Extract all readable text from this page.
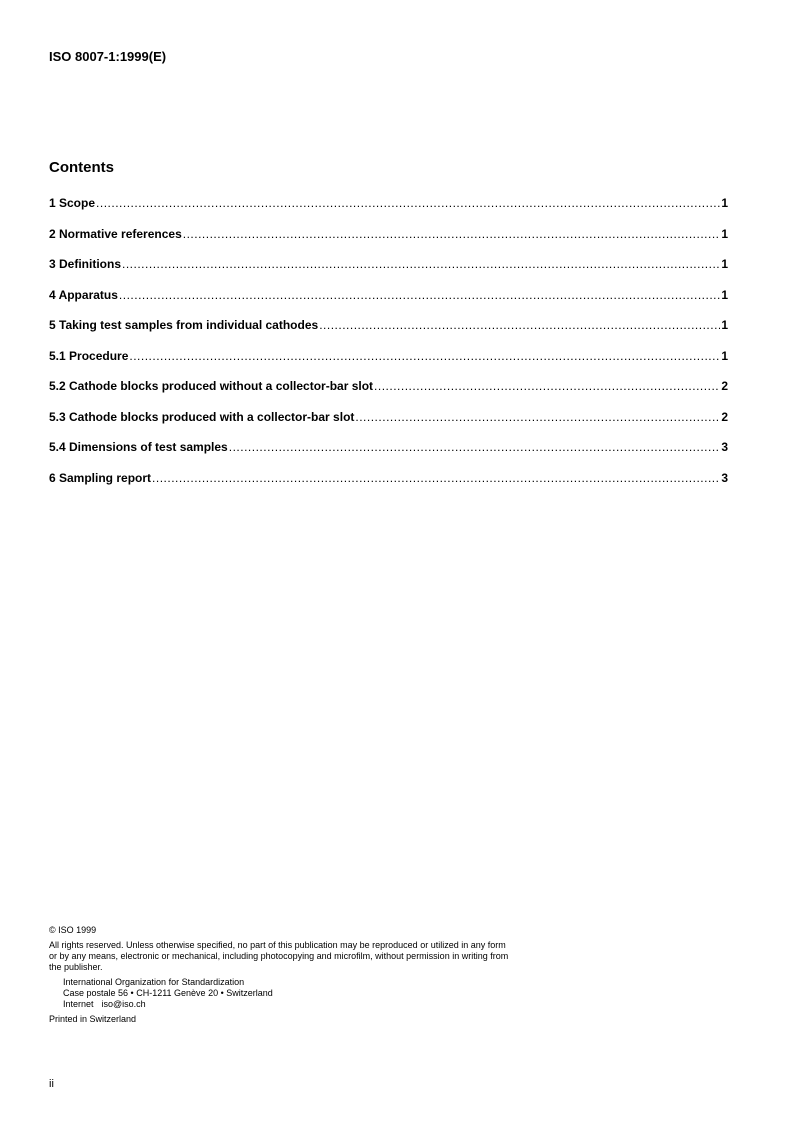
ISO 8007-1:1999(E)

Contents
1 Scope .....	1
2 Normative references .....	1
3 Definitions .....	1
4 Apparatus .....	1
5 Taking test samples from individual cathodes .....	1
5.1 Procedure .....	1
5.2 Cathode blocks produced without a collector-bar slot .....	2
5.3 Cathode blocks produced with a collector-bar slot .....	2
5.4 Dimensions of test samples .....	3
6 Sampling report .....	3

© ISO 1999

All rights reserved. Unless otherwise specified, no part of this publication may be reproduced or utilized in any form or by any means, electronic or mechanical, including photocopying and microfilm, without permission in writing from the publisher.

International Organization for Standardization

Case postale 56 • CH-1211 Genève 20 • Switzerland

Internet iso@iso.ch

Printed in Switzerland

ii
